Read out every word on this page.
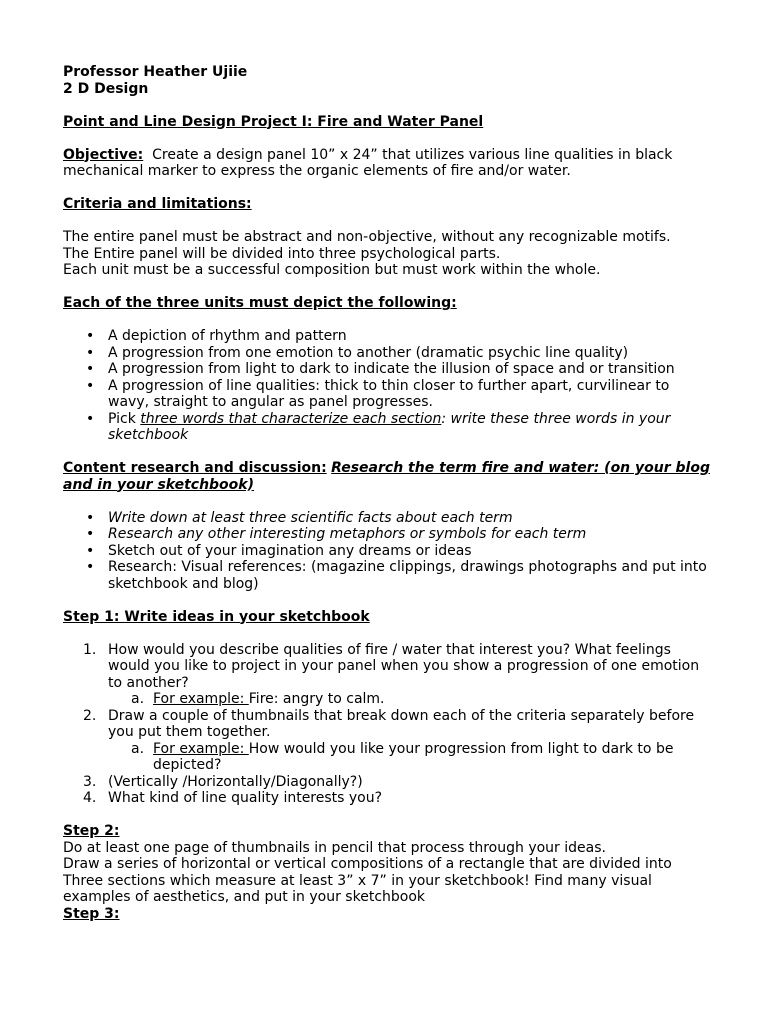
Professor Heather Ujiie

2 D Design

Point and Line Design Project I: Fire and Water Panel

Objective: Create a design panel 10” x 24” that utilizes various line qualities in black mechanical marker to express the organic elements of fire and/or water.

Criteria and limitations:

The entire panel must be abstract and non-objective, without any recognizable motifs.

The Entire panel will be divided into three psychological parts.

Each unit must be a successful composition but must work within the whole.

Each of the three units must depict the following:

• A depiction of rhythm and pattern
• A progression from one emotion to another (dramatic psychic line quality)
• A progression from light to dark to indicate the illusion of space and or transition
• A progression of line qualities: thick to thin closer to further apart, curvilinear to wavy, straight to angular as panel progresses.
• Pick three words that characterize each section: write these three words in your sketchbook

Content research and discussion: Research the term fire and water: (on your blog and in your sketchbook)

• Write down at least three scientific facts about each term
• Research any other interesting metaphors or symbols for each term
• Sketch out of your imagination any dreams or ideas
• Research: Visual references: (magazine clippings, drawings photographs and put into sketchbook and blog)

Step 1: Write ideas in your sketchbook

1. How would you describe qualities of fire / water that interest you? What feelings would you like to project in your panel when you show a progression of one emotion to another?
a. For example: Fire: angry to calm.
2. Draw a couple of thumbnails that break down each of the criteria separately before you put them together.
a. For example: How would you like your progression from light to dark to be depicted?
3. (Vertically /Horizontally/Diagonally?)
4. What kind of line quality interests you?

Step 2:

Do at least one page of thumbnails in pencil that process through your ideas.

Draw a series of horizontal or vertical compositions of a rectangle that are divided into Three sections which measure at least 3” x 7” in your sketchbook! Find many visual examples of aesthetics, and put in your sketchbook

Step 3:
